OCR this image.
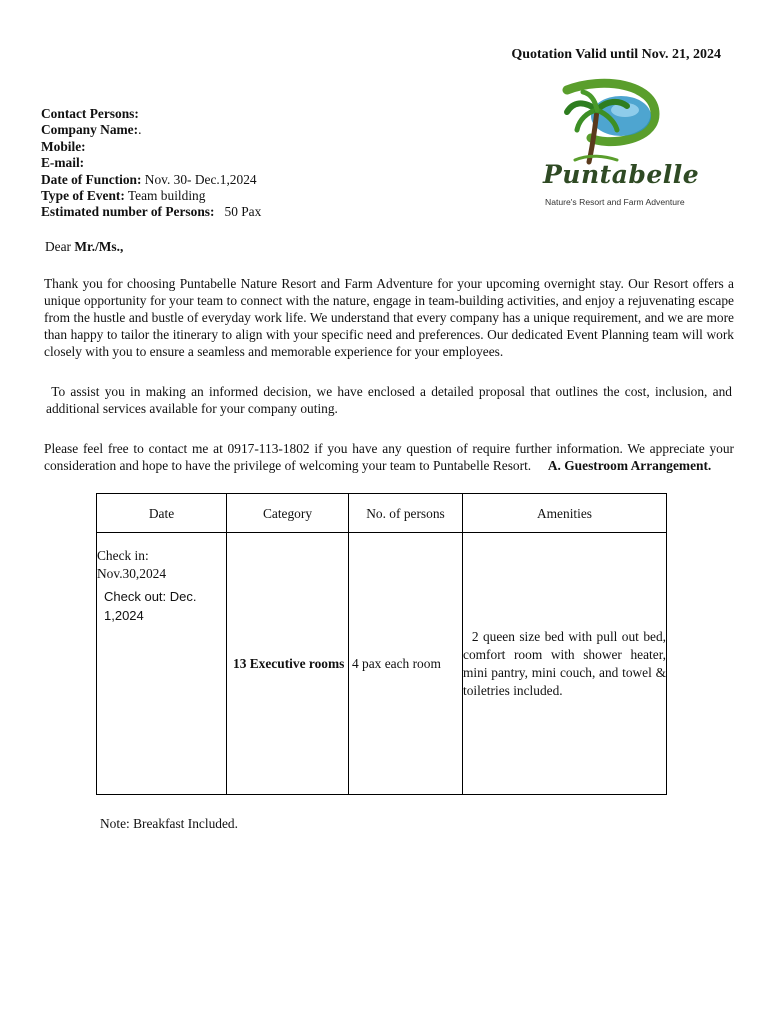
Quotation Valid until Nov. 21, 2024
Contact Persons:
Company Name:.
Mobile:
E-mail:
Date of Function: Nov. 30- Dec.1,2024
Type of Event: Team building
Estimated number of Persons:   50 Pax
Puntabelle
Nature's Resort and Farm Adventure
Dear Mr./Ms.,
Thank you for choosing Puntabelle Nature Resort and Farm Adventure for your upcoming overnight stay. Our Resort offers a unique opportunity for your team to connect with the nature, engage in team-building activities, and enjoy a rejuvenating escape from the hustle and bustle of everyday work life. We understand that every company has a unique requirement, and we are more than happy to tailor the itinerary to align with your specific need and preferences. Our dedicated Event Planning team will work closely with you to ensure a seamless and memorable experience for your employees.
To assist you in making an informed decision, we have enclosed a detailed proposal that outlines the cost, inclusion, and additional services available for your company outing.
Please feel free to contact me at 0917-113-1802 if you have any question of require further information. We appreciate your consideration and hope to have the privilege of welcoming your team to Puntabelle Resort. A. Guestroom Arrangement.
Date	Category	No. of persons	Amenities

Check in:
Nov.30,2024
Check out: Dec. 1,2024	13 Executive rooms	4 pax each room	2 queen size bed with pull out bed, comfort room with shower heater, mini pantry, mini couch, and towel & toiletries included.
Note: Breakfast Included.
